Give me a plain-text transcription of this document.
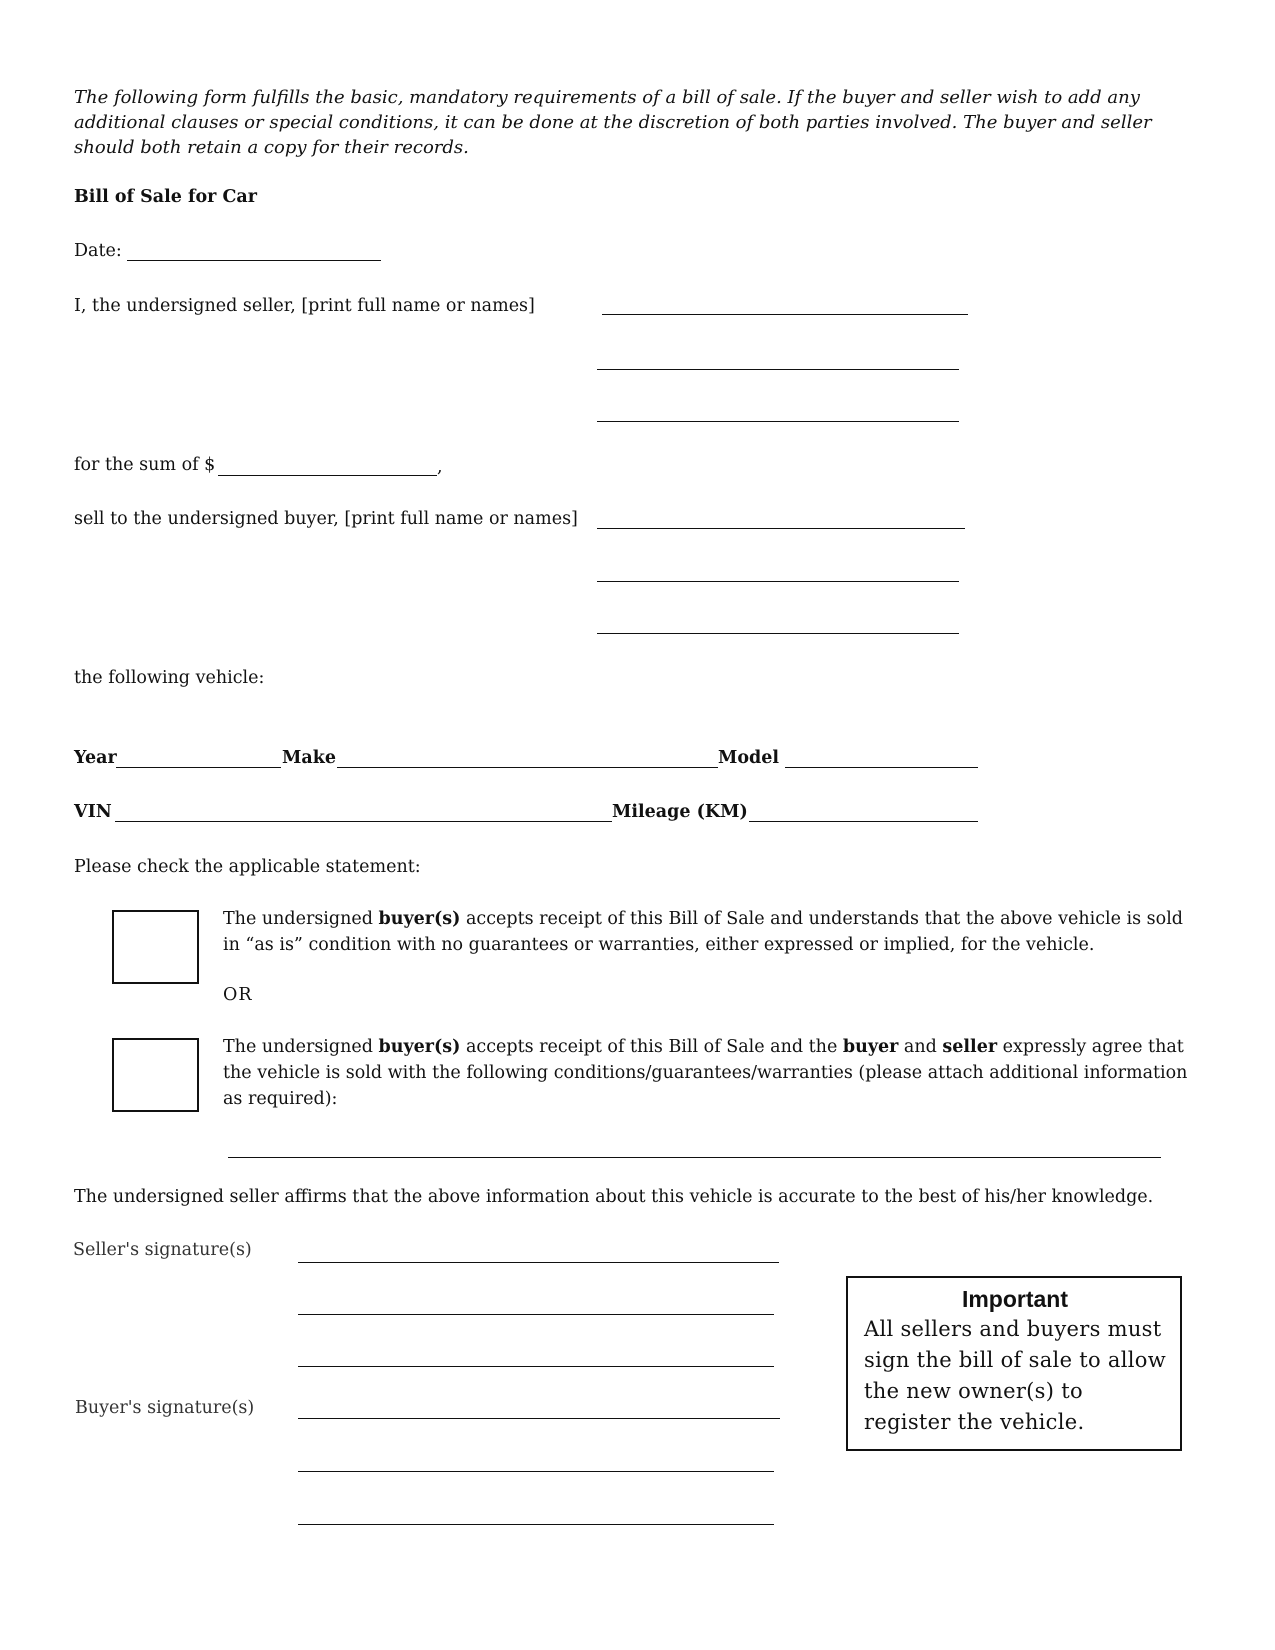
The following form fulfills the basic, mandatory requirements of a bill of sale. If the buyer and seller wish to add any additional clauses or special conditions, it can be done at the discretion of both parties involved. The buyer and seller should both retain a copy for their records.
Bill of Sale for Car
Date:
I, the undersigned seller, [print full name or names]
for the sum of $	,
sell to the undersigned buyer, [print full name or names]
the following vehicle:
Year	Make	Model
VIN	Mileage (KM)
Please check the applicable statement:
The undersigned buyer(s) accepts receipt of this Bill of Sale and understands that the above vehicle is sold in “as is” condition with no guarantees or warranties, either expressed or implied, for the vehicle.
OR
The undersigned buyer(s) accepts receipt of this Bill of Sale and the buyer and seller expressly agree that the vehicle is sold with the following conditions/guarantees/warranties (please attach additional information as required):
The undersigned seller affirms that the above information about this vehicle is accurate to the best of his/her knowledge.
Seller's signature(s)
Buyer's signature(s)
Important
All sellers and buyers must sign the bill of sale to allow the new owner(s) to register the vehicle.
